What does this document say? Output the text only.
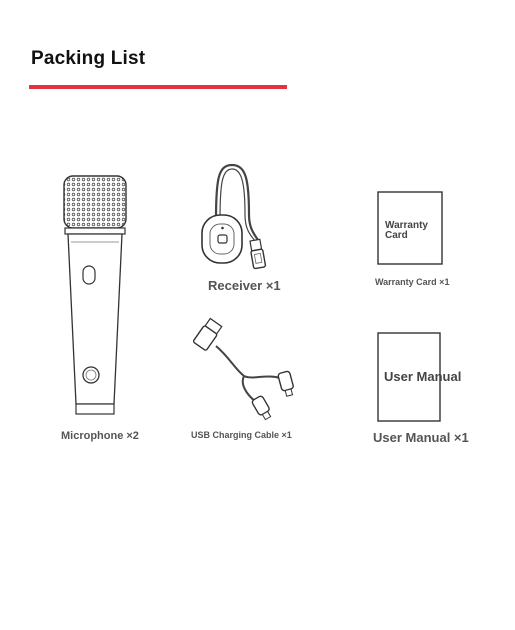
Packing List
Microphone ×2
Receiver ×1
USB Charging Cable ×1
Warranty Card
Warranty Card ×1
User Manual
User Manual ×1
